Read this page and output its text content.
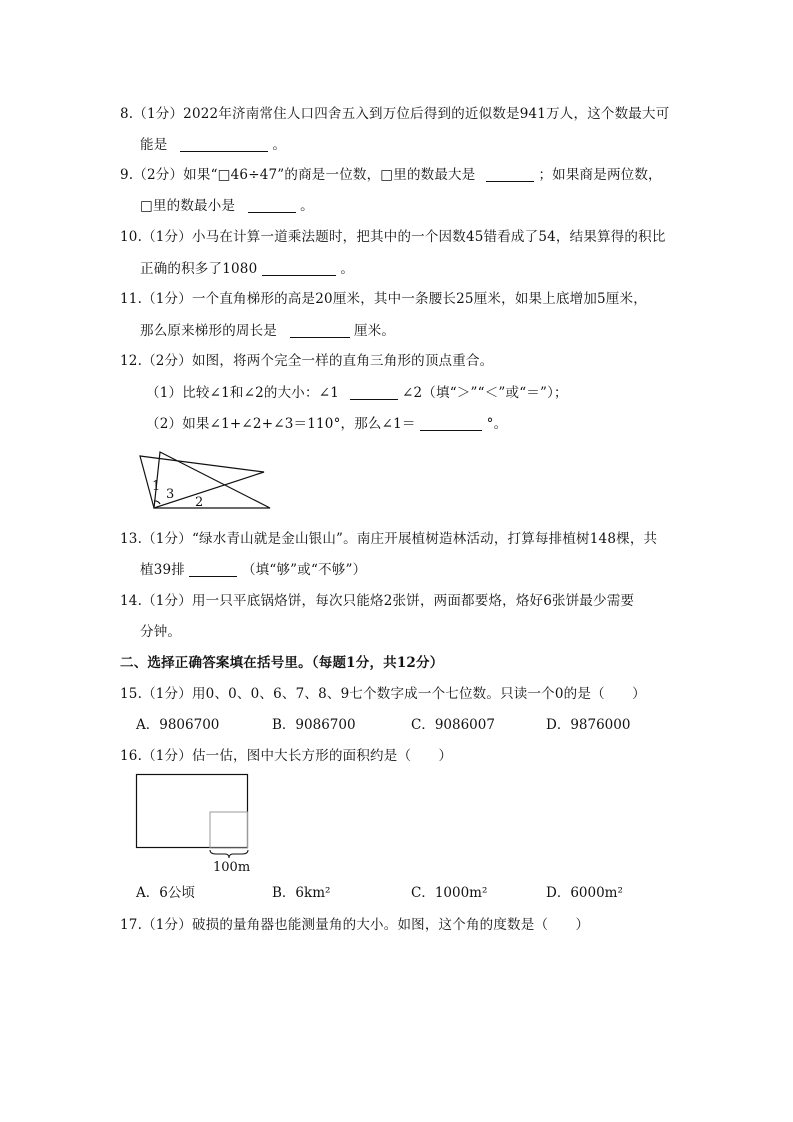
8.（1分）2022年济南常住人口四舍五入到万位后得到的近似数是941万人，这个数最大可
能是	。
9.（2分）如果“□46÷47”的商是一位数，□里的数最大是	；如果商是两位数，
□里的数最小是	。
10.（1分）小马在计算一道乘法题时，把其中的一个因数45错看成了54，结果算得的积比
正确的积多了1080	。
11.（1分）一个直角梯形的高是20厘米，其中一条腰长25厘米，如果上底增加5厘米，
那么原来梯形的周长是	厘米。
12.（2分）如图，将两个完全一样的直角三角形的顶点重合。
（1）比较∠1和∠2的大小：∠1	∠2（填“＞”“＜”或“＝”）；
（2）如果∠1+∠2+∠3＝110°，那么∠1＝	°。
1
3
2
13.（1分）“绿水青山就是金山银山”。南庄开展植树造林活动，打算每排植树148棵，共
植39排	（填“够”或“不够”）
14.（1分）用一只平底锅烙饼，每次只能烙2张饼，两面都要烙，烙好6张饼最少需要
分钟。
二、选择正确答案填在括号里。（每题1分，共12分）
15.（1分）用0、0、0、6、7、8、9七个数字成一个七位数。只读一个0的是（　　）
A．9806700	B．9086700	C．9086007	D．9876000
16.（1分）估一估，图中大长方形的面积约是（　　）
100m
A．6公顷	B．6km²	C．1000m²	D．6000m²
17.（1分）破损的量角器也能测量角的大小。如图，这个角的度数是（　　）
